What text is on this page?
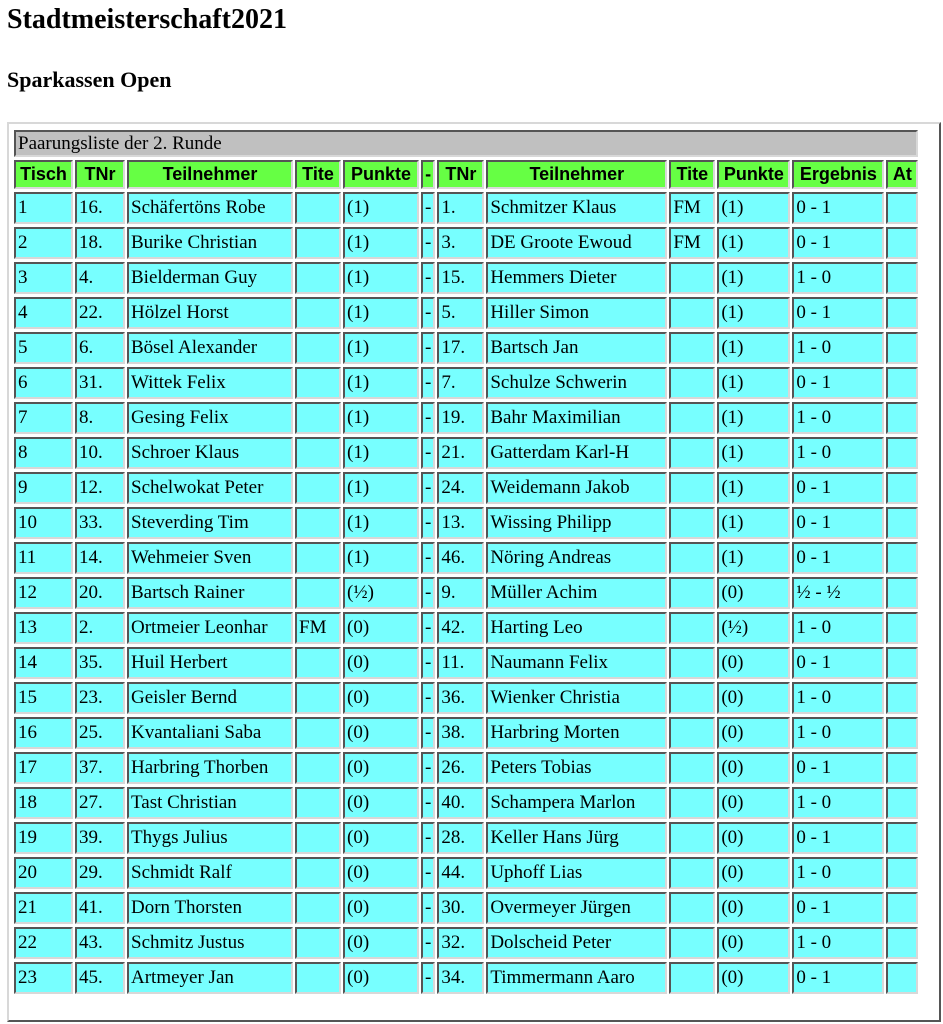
Stadtmeisterschaft2021
Sparkassen Open
Paarungsliste der 2. Runde											
Tisch	TNr	Teilnehmer	Tite	Punkte	-	TNr	Teilnehmer	Tite	Punkte	Ergebnis	At
1	16.	Schäfertöns Robe		(1)	-	1.	Schmitzer Klaus	FM	(1)	0 - 1	
2	18.	Burike Christian		(1)	-	3.	DE Groote Ewoud	FM	(1)	0 - 1	
3	4.	Bielderman Guy		(1)	-	15.	Hemmers Dieter		(1)	1 - 0	
4	22.	Hölzel Horst		(1)	-	5.	Hiller Simon		(1)	0 - 1	
5	6.	Bösel Alexander		(1)	-	17.	Bartsch Jan		(1)	1 - 0	
6	31.	Wittek Felix		(1)	-	7.	Schulze Schwerin		(1)	0 - 1	
7	8.	Gesing Felix		(1)	-	19.	Bahr Maximilian		(1)	1 - 0	
8	10.	Schroer Klaus		(1)	-	21.	Gatterdam Karl-H		(1)	1 - 0	
9	12.	Schelwokat Peter		(1)	-	24.	Weidemann Jakob		(1)	0 - 1	
10	33.	Steverding Tim		(1)	-	13.	Wissing Philipp		(1)	0 - 1	
11	14.	Wehmeier Sven		(1)	-	46.	Nöring Andreas		(1)	0 - 1	
12	20.	Bartsch Rainer		(½)	-	9.	Müller Achim		(0)	½ - ½	
13	2.	Ortmeier Leonhar	FM	(0)	-	42.	Harting Leo		(½)	1 - 0	
14	35.	Huil Herbert		(0)	-	11.	Naumann Felix		(0)	0 - 1	
15	23.	Geisler Bernd		(0)	-	36.	Wienker Christia		(0)	1 - 0	
16	25.	Kvantaliani Saba		(0)	-	38.	Harbring Morten		(0)	1 - 0	
17	37.	Harbring Thorben		(0)	-	26.	Peters Tobias		(0)	0 - 1	
18	27.	Tast Christian		(0)	-	40.	Schampera Marlon		(0)	1 - 0	
19	39.	Thygs Julius		(0)	-	28.	Keller Hans Jürg		(0)	0 - 1	
20	29.	Schmidt Ralf		(0)	-	44.	Uphoff Lias		(0)	1 - 0	
21	41.	Dorn Thorsten		(0)	-	30.	Overmeyer Jürgen		(0)	0 - 1	
22	43.	Schmitz Justus		(0)	-	32.	Dolscheid Peter		(0)	1 - 0	
23	45.	Artmeyer Jan		(0)	-	34.	Timmermann Aaro		(0)	0 - 1	
